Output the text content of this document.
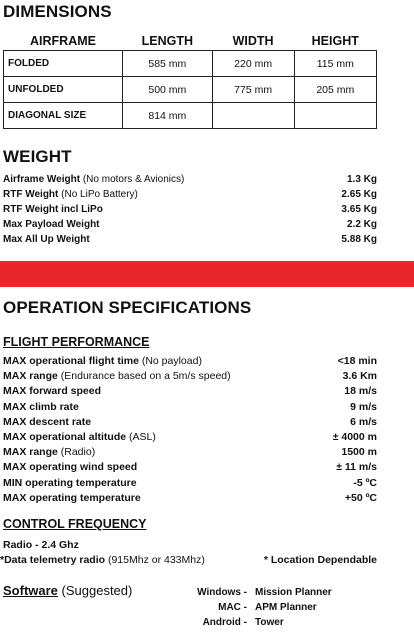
DIMENSIONS
AIRFRAME	LENGTH	WIDTH	HEIGHT
FOLDED	585 mm	220 mm	115 mm
UNFOLDED	500 mm	775 mm	205 mm
DIAGONAL SIZE	814 mm		
WEIGHT
Airframe Weight (No motors & Avionics)	1.3 Kg
RTF Weight (No LiPo Battery)	2.65 Kg
RTF Weight incl LiPo	3.65 Kg
Max Payload Weight	2.2 Kg
Max All Up Weight	5.88 Kg
OPERATION SPECIFICATIONS
FLIGHT PERFORMANCE
MAX operational flight time (No payload)	<18 min
MAX range (Endurance based on a 5m/s speed)	3.6 Km
MAX forward speed	18 m/s
MAX climb rate	9 m/s
MAX descent rate	6 m/s
MAX operational altitude (ASL)	± 4000 m
MAX range (Radio)	1500 m
MAX operating wind speed	± 11 m/s
MIN operating temperature	-5 ºC
MAX operating temperature	+50 ºC
CONTROL FREQUENCY
Radio - 2.4 Ghz
*Data telemetry radio (915Mhz or 433Mhz)	* Location Dependable
Software (Suggested)	Windows - Mission Planner
MAC - APM Planner
Android - Tower
